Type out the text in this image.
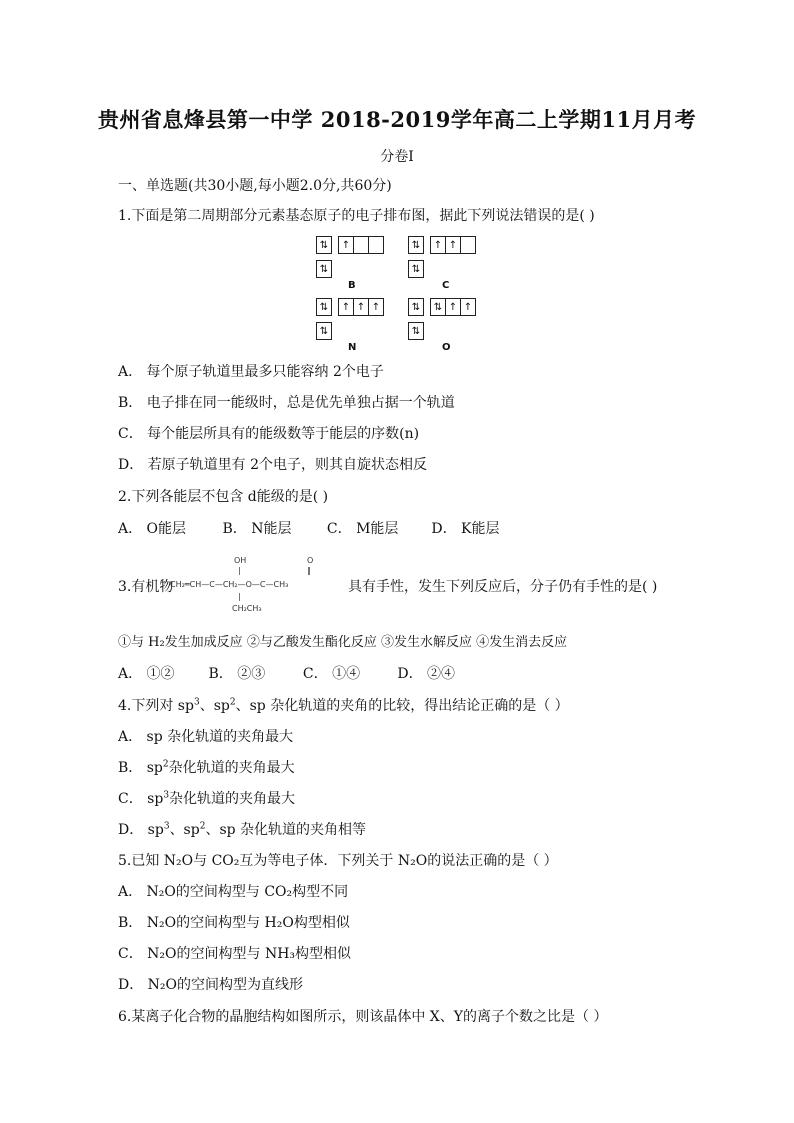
贵州省息烽县第一中学 2018-2019学年高二上学期11月月考
分卷I
一、单选题(共30小题,每小题2.0分,共60分)
1.下面是第二周期部分元素基态原子的电子排布图，据此下列说法错误的是( )
⇅ ↑
⇅
B
⇅ ↑ ↑
⇅
C
⇅ ↑ ↑ ↑
⇅
N
⇅ ⇅ ↑ ↑
⇅
O
A． 每个原子轨道里最多只能容纳 2个电子
B． 电子排在同一能级时，总是优先单独占据一个轨道
C． 每个能层所具有的能级数等于能层的序数(n)
D． 若原子轨道里有 2个电子，则其自旋状态相反
2.下列各能层不包含 d能级的是( )
A． O能层	B． N能层	C． M能层 D． K能层
3.有机物
OH
|
O
‖
CH₂═CH—C—CH₂—O—C—CH₃
|
CH₂CH₃
具有手性，发生下列反应后，分子仍有手性的是( )
①与 H₂发生加成反应 ②与乙酸发生酯化反应 ③发生水解反应 ④发生消去反应
A． ①② B． ②③	C． ①④	D． ②④
4.下列对 $sp^3$、$sp^2$、sp 杂化轨道的夹角的比较，得出结论正确的是（ ）
A． sp 杂化轨道的夹角最大
B． $sp^2$杂化轨道的夹角最大
C． $sp^3$杂化轨道的夹角最大
D． $sp^3$、$sp^2$、sp 杂化轨道的夹角相等
5.已知 N₂O与 CO₂互为等电子体．下列关于 N₂O的说法正确的是（ ）
A． N₂O的空间构型与 CO₂构型不同
B． N₂O的空间构型与 H₂O构型相似
C． N₂O的空间构型与 NH₃构型相似
D． N₂O的空间构型为直线形
6.某离子化合物的晶胞结构如图所示，则该晶体中 X、Y的离子个数之比是（ ）
